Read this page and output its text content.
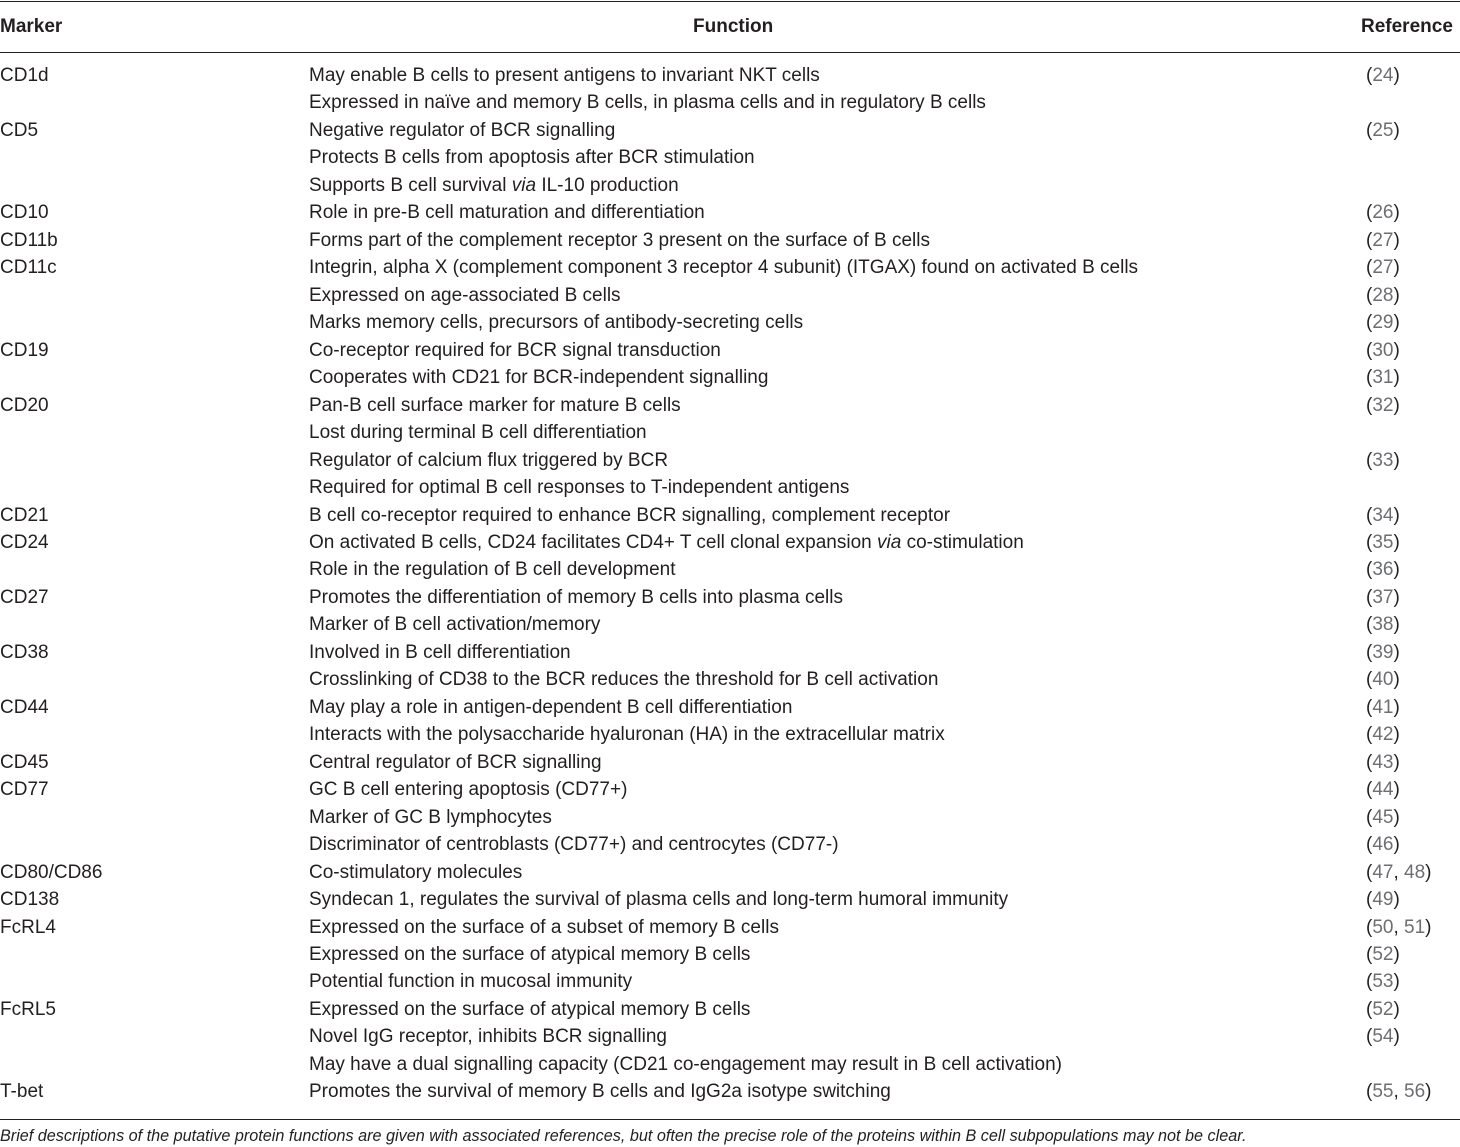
Marker	Function	Reference
CD1d	May enable B cells to present antigens to invariant NKT cells	(24)
Expressed in naïve and memory B cells, in plasma cells and in regulatory B cells
CD5	Negative regulator of BCR signalling	(25)
Protects B cells from apoptosis after BCR stimulation
Supports B cell survival via IL-10 production
CD10	Role in pre-B cell maturation and differentiation	(26)
CD11b	Forms part of the complement receptor 3 present on the surface of B cells	(27)
CD11c	Integrin, alpha X (complement component 3 receptor 4 subunit) (ITGAX) found on activated B cells	(27)
Expressed on age-associated B cells	(28)
Marks memory cells, precursors of antibody-secreting cells	(29)
CD19	Co-receptor required for BCR signal transduction	(30)
Cooperates with CD21 for BCR-independent signalling	(31)
CD20	Pan-B cell surface marker for mature B cells	(32)
Lost during terminal B cell differentiation
Regulator of calcium flux triggered by BCR	(33)
Required for optimal B cell responses to T-independent antigens
CD21	B cell co-receptor required to enhance BCR signalling, complement receptor	(34)
CD24	On activated B cells, CD24 facilitates CD4+ T cell clonal expansion via co-stimulation	(35)
Role in the regulation of B cell development	(36)
CD27	Promotes the differentiation of memory B cells into plasma cells	(37)
Marker of B cell activation/memory	(38)
CD38	Involved in B cell differentiation	(39)
Crosslinking of CD38 to the BCR reduces the threshold for B cell activation	(40)
CD44	May play a role in antigen-dependent B cell differentiation	(41)
Interacts with the polysaccharide hyaluronan (HA) in the extracellular matrix	(42)
CD45	Central regulator of BCR signalling	(43)
CD77	GC B cell entering apoptosis (CD77+)	(44)
Marker of GC B lymphocytes	(45)
Discriminator of centroblasts (CD77+) and centrocytes (CD77-)	(46)
CD80/CD86	Co-stimulatory molecules	(47, 48)
CD138	Syndecan 1, regulates the survival of plasma cells and long-term humoral immunity	(49)
FcRL4	Expressed on the surface of a subset of memory B cells	(50, 51)
Expressed on the surface of atypical memory B cells	(52)
Potential function in mucosal immunity	(53)
FcRL5	Expressed on the surface of atypical memory B cells	(52)
Novel IgG receptor, inhibits BCR signalling	(54)
May have a dual signalling capacity (CD21 co-engagement may result in B cell activation)
T-bet	Promotes the survival of memory B cells and IgG2a isotype switching	(55, 56)
Brief descriptions of the putative protein functions are given with associated references, but often the precise role of the proteins within B cell subpopulations may not be clear.
